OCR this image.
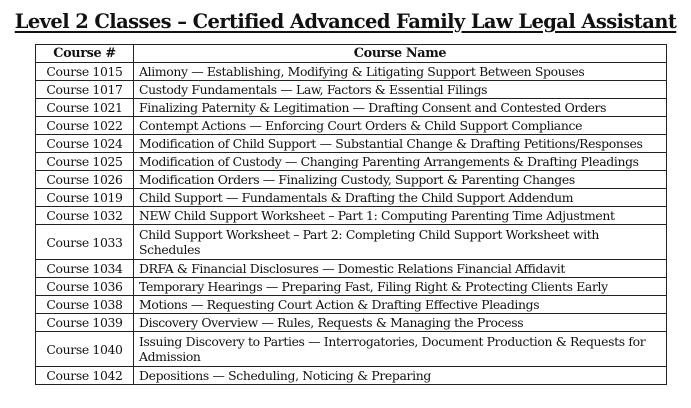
Level 2 Classes – Certified Advanced Family Law Legal Assistant
Course #	Course Name
Course 1015	Alimony — Establishing, Modifying & Litigating Support Between Spouses
Course 1017	Custody Fundamentals — Law, Factors & Essential Filings
Course 1021	Finalizing Paternity & Legitimation — Drafting Consent and Contested Orders
Course 1022	Contempt Actions — Enforcing Court Orders & Child Support Compliance
Course 1024	Modification of Child Support — Substantial Change & Drafting Petitions/Responses
Course 1025	Modification of Custody — Changing Parenting Arrangements & Drafting Pleadings
Course 1026	Modification Orders — Finalizing Custody, Support & Parenting Changes
Course 1019	Child Support — Fundamentals & Drafting the Child Support Addendum
Course 1032	NEW Child Support Worksheet – Part 1: Computing Parenting Time Adjustment
Course 1033	Child Support Worksheet – Part 2: Completing Child Support Worksheet with Schedules
Course 1034	DRFA & Financial Disclosures — Domestic Relations Financial Affidavit
Course 1036	Temporary Hearings — Preparing Fast, Filing Right & Protecting Clients Early
Course 1038	Motions — Requesting Court Action & Drafting Effective Pleadings
Course 1039	Discovery Overview — Rules, Requests & Managing the Process
Course 1040	Issuing Discovery to Parties — Interrogatories, Document Production & Requests for Admission
Course 1042	Depositions — Scheduling, Noticing & Preparing
